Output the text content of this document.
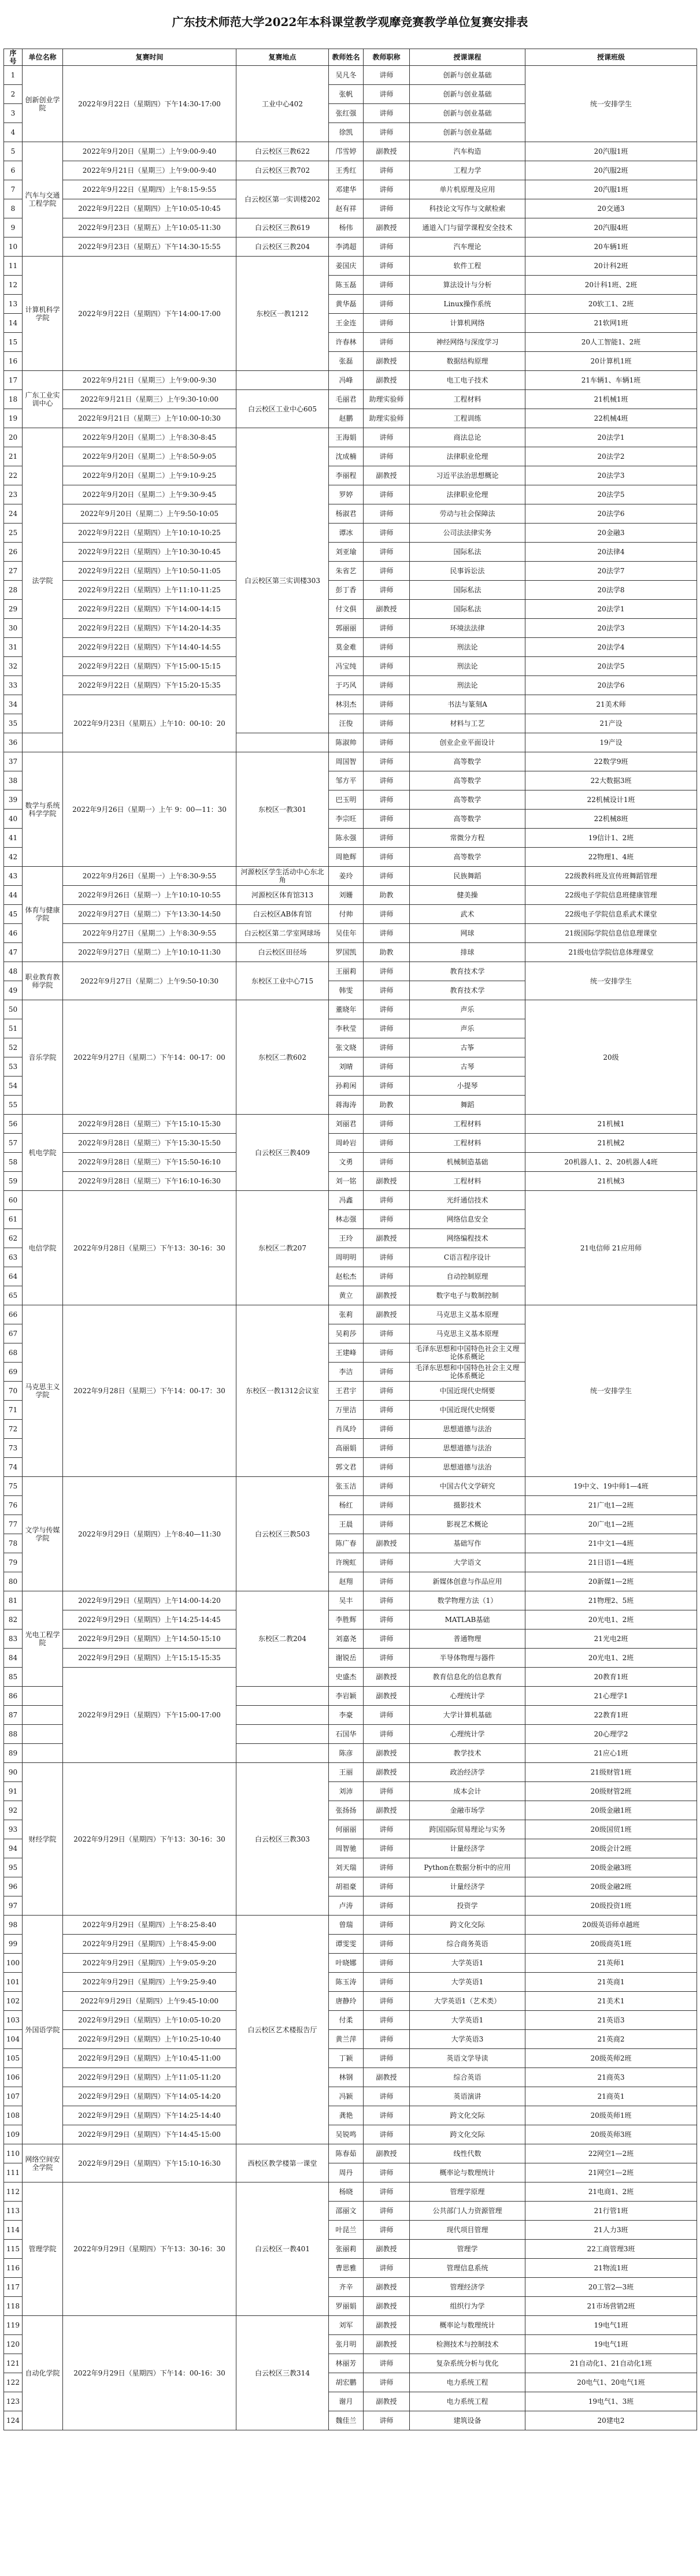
广东技术师范大学2022年本科课堂教学观摩竞赛教学单位复赛安排表
序号	单位名称	复赛时间	复赛地点	教师姓名	教师职称	授课课程	授课班级
1	创新创业学院	2022年9月22日（星期四）下午14:30-17:00	工业中心402	吴凡冬	讲师	创新与创业基础	统一安排学生
2				张帆	讲师	创新与创业基础	
3				张红强	讲师	创新与创业基础	
4				徐凯	讲师	创新与创业基础	
5	汽车与交通工程学院	2022年9月20日（星期二）上午9:00-9:40	白云校区三教622	邝雪婷	副教授	汽车构造	20汽服1班
6		2022年9月21日（星期三）上午9:00-9:40	白云校区三教702	王秀红	讲师	工程力学	20汽服2班
7		2022年9月22日（星期四）上午8:15-9:55	白云校区第一实训楼202	邓建华	讲师	单片机原理及应用	20汽服1班
8		2022年9月22日（星期四）上午10:05-10:45		赵有祥	讲师	科技论文写作与文献检索	20交通3
9		2022年9月23日（星期五）上午10:05-11:30	白云校区三教619	杨伟	副教授	通道入门与留学课程安全技术	20汽服4班
10		2022年9月23日（星期五）下午14:30-15:55	白云校区三教204	李鸿超	讲师	汽车理论	20车辆1班
11	计算机科学学院	2022年9月22日（星期四）下午14:00-17:00	东校区一教1212	姜国庆	讲师	软件工程	20计科2班
12				陈玉磊	讲师	算法设计与分析	20计科1班、2班
13				黄华磊	讲师	Linux操作系统	20软工1、2班
14				王金连	讲师	计算机网络	21软网1班
15				许春林	讲师	神经网络与深度学习	20人工智能1、2班
16				张磊	副教授	数据结构原理	20计算机1班
17	广东工业实训中心	2022年9月21日（星期三）上午9:00-9:30		冯峰	副教授	电工电子技术	21车辆1、车辆1班
18		2022年9月21日（星期三）上午9:30-10:00	白云校区工业中心605	毛丽君	助理实验师	工程材料	21机械1班
19		2022年9月21日（星期三）上午10:00-10:30		赵鹏	助理实验师	工程训练	22机械4班
20	法学院	2022年9月20日（星期二）上午8:30-8:45	白云校区第三实训楼303	王海娟	讲师	商法总论	20法学1
21		2022年9月20日（星期二）上午8:50-9:05		沈成楠	讲师	法律职业伦理	20法学2
22		2022年9月20日（星期二）上午9:10-9:25		李丽程	副教授	习近平法治思想概论	20法学3
23		2022年9月20日（星期二）上午9:30-9:45		罗婷	讲师	法律职业伦理	20法学5
24		2022年9月20日（星期二）上午9:50-10:05		杨淑君	讲师	劳动与社会保障法	20法学6
25		2022年9月22日（星期四）上午10:10-10:25		谭冰	讲师	公司法法律实务	20金融3
26		2022年9月22日（星期四）上午10:30-10:45		刘亚瑜	讲师	国际私法	20法律4
27		2022年9月22日（星期四）上午10:50-11:05		朱省艺	讲师	民事诉讼法	20法学7
28		2022年9月22日（星期四）上午11:10-11:25		彭丁香	讲师	国际私法	20法学8
29		2022年9月22日（星期四）下午14:00-14:15		付文俱	副教授	国际私法	20法学1
30		2022年9月22日（星期四）下午14:20-14:35		郭丽丽	讲师	环境法法律	20法学3
31		2022年9月22日（星期四）下午14:40-14:55		莫金难	讲师	刑法论	20法学4
32		2022年9月22日（星期四）下午15:00-15:15		冯宝纯	讲师	刑法论	20法学5
33		2022年9月22日（星期四）下午15:20-15:35		于巧风	讲师	刑法论	20法学6
34		2022年9月23日（星期五）上午10：00-10：20		林羽杰	讲师	书法与篆刻A	21美术师
35				汪俊	讲师	材料与工艺	21产设
36				陈淑帅	讲师	创业企业平面设计	19产设
37	数学与系统科学学院	2022年9月26日（星期一）上午 9：00—11：30	东校区一教301	周国智	讲师	高等数学	22数学9班
38				邹方平	讲师	高等数学	22大数据3班
39				巴玉明	讲师	高等数学	22机械设计1班
40				李宗旺	讲师	高等数学	22机械8班
41				陈永强	讲师	常微分方程	19信计1、2班
42				周艳辉	讲师	高等数学	22物理1、4班
43	体育与健康学院	2022年9月26日（星期一）上午8:30-9:55	河源校区学生活动中心东北角	姜玲	讲师	民族舞蹈	22级教科班及宣传班舞蹈管理
44		2022年9月26日（星期一）上午10:10-10:55	河源校区体育馆313	刘姗	助教	健美操	22级电子学院信息班健康管理
45		2022年9月27日（星期二）下午13:30-14:50	白云校区AB体育馆	付帅	讲师	武术	22级电子学院信息系武术课堂
46		2022年9月27日（星期二）上午8:30-9:55	白云校区第二学室网球场	吴佳年	讲师	网球	21级国际学院信息信息理课堂
47		2022年9月27日（星期二）上午10:10-11:30	白云校区田径场	罗国凯	助教	排球	21级电信学院信息体理课堂
48	职业教育教师学院	2022年9月27日（星期二）上午9:50-10:30	东校区工业中心715	王丽莉	讲师	教育技术学	统一安排学生
49				韩雯	讲师	教育技术学	
50	音乐学院	2022年9月27日（星期二）下午14：00-17：00	东校区二教602	董晓年	讲师	声乐	20级
51				李秋莹	讲师	声乐	
52				张文晓	讲师	古筝	
53				刘晴	讲师	古琴	
54				孙莉闲	讲师	小提琴	
55				蒋海涛	助教	舞蹈	
56	机电学院	2022年9月28日（星期三）下午15:10-15:30	白云校区三教409	刘丽君	讲师	工程材料	21机械1
57		2022年9月28日（星期三）下午15:30-15:50		周岭岩	讲师	工程材料	21机械2
58		2022年9月28日（星期三）下午15:50-16:10		文勇	讲师	机械制造基础	20机器人1、2、20机器人4班
59		2022年9月28日（星期三）下午16:10-16:30		刘一铭	副教授	工程材料	21机械3
60	电信学院	2022年9月28日（星期三）下午13：30-16：30	东校区二教207	冯鑫	讲师	光纤通信技术	21电信师 21应用师
61				林志强	讲师	网络信息安全	
62				王玲	副教授	网络编程技术	
63				周明明	讲师	C语言程序设计	
64				赵松杰	讲师	自动控制原理	
65				黄立	副教授	数字电子与数制控制	
66	马克思主义学院	2022年9月28日（星期三）下午14：00-17：30	东校区一教1312会议室	张莉	副教授	马克思主义基本原理	统一安排学生
67				吴莉莎	讲师	马克思主义基本原理	
68				王建峰	讲师	毛泽东思想和中国特色社会主义理论体系概论	
69				李洁	讲师	毛泽东思想和中国特色社会主义理论体系概论	
70				王君宇	讲师	中国近现代史纲要	
71				万里洁	讲师	中国近现代史纲要	
72				肖凤玲	讲师	思想道德与法治	
73				高丽娟	讲师	思想道德与法治	
74				郭文君	讲师	思想道德与法治	
75	文学与传媒学院	2022年9月29日（星期四）上午8:40—11:30	白云校区三教503	张玉洁	讲师	中国古代文学研究	19中文、19中师1—4班
76				杨红	讲师	摄影技术	21广电1—2班
77				王晨	讲师	影视艺术概论	20广电1—2班
78				陈广春	副教授	基础写作	21中文1—4班
79				许琬虹	讲师	大学语文	21日语1—4班
80				赵翔	讲师	新媒体创意与作品应用	20新媒1—2班
81	光电工程学院	2022年9月29日（星期四）上午14:00-14:20	东校区二教204	吴丰	讲师	数学物理方法（1）	21物理2、5班
82		2022年9月29日（星期四）上午14:25-14:45		李胜辉	讲师	MATLAB基础	20光电1、2班
83		2022年9月29日（星期四）上午14:50-15:10		刘嘉尧	讲师	普通物理	21光电2班
84		2022年9月29日（星期四）上午15:15-15:35		谢锐岳	讲师	半导体物理与器件	20光电1、2班
85		2022年9月29日（星期四）下午15:00-17:00		史盛杰	副教授	教育信息化的信息教育	20教育1班
86				李岩颖	副教授	心理统计学	21心理学1
87				李豪	讲师	大学计算机基础	22教育1班
88				石国华	讲师	心理统计学	20心理学2
89				陈彦	副教授	教学技术	21应心1班
90	财经学院	2022年9月29日（星期四）下午13：30-16：30	白云校区三教303	王丽	副教授	政治经济学	21级财管1班
91				刘沛	讲师	成本会计	20级财管2班
92				张扬扬	副教授	金融市场学	20级金融1班
93				何丽丽	讲师	跨国国际贸易理论与实务	20级国贸1班
94				周智驰	讲师	计量经济学	20级会计2班
95				刘天瑞	讲师	Python在数据分析中的应用	20级金融3班
96				胡祖豪	讲师	计量经济学	20级金融2班
97				卢涛	讲师	投资学	20级投资1班
98	外国语学院	2022年9月29日（星期四）上午8:25-8:40	白云校区艺术楼报告厅	曾瑞	讲师	跨文化交际	20级英语师卓越班
99		2022年9月29日（星期四）上午8:45-9:00		谭雯雯	讲师	综合商务英语	20级商英1班
100		2022年9月29日（星期四）上午9:05-9:20		叶晓娜	讲师	大学英语1	21英师1
101		2022年9月29日（星期四）上午9:25-9:40		陈玉涛	讲师	大学英语1	21英商1
102		2022年9月29日（星期四）上午9:45-10:00		唐静玲	讲师	大学英语1（艺术类）	21美术1
103		2022年9月29日（星期四）上午10:05-10:20		付柔	讲师	大学英语1	21英语3
104		2022年9月29日（星期四）上午10:25-10:40		黄兰萍	讲师	大学英语3	21英商2
105		2022年9月29日（星期四）上午10:45-11:00		丁颖	讲师	英语文学导读	20级英师2班
106		2022年9月29日（星期四）上午11:05-11:20		林钢	副教授	综合英语	21商英3
107		2022年9月29日（星期四）下午14:05-14:20		冯颖	讲师	英语演讲	21商英1
108		2022年9月29日（星期四）下午14:25-14:40		龚艳	讲师	跨文化交际	20级英师1班
109		2022年9月29日（星期四）下午14:45-15:00		吴锐鸣	讲师	跨文化交际	20级英师3班
110	网络空间安全学院	2022年9月29日（星期四）下午15:10-16:30	西校区教学楼第一课堂	陈春茹	副教授	线性代数	22网空1—2班
111				周丹	讲师	概率论与数理统计	21网空1—2班
112	管理学院	2022年9月29日（星期四）下午13：30-16：30	白云校区一教401	杨晓	讲师	管理学原理	21电商1、2班
113				邵丽文	讲师	公共部门人力资源管理	21行管1班
114				叶昆兰	讲师	现代项目管理	21人力3班
115				张丽莉	副教授	管理学	22工商管理3班
116				曹思雅	讲师	管理信息系统	21物流1班
117				齐辛	副教授	管理经济学	20工管2—3班
118				罗丽娟	副教授	组织行为学	21市场营销2班
119	自动化学院	2022年9月29日（星期四）下午14：00-16：30	白云校区三教314	刘军	副教授	概率论与数理统计	19电气1班
120				张月明	副教授	检测技术与控制技术	19电气1班
121				林丽芳	讲师	复杂系统分析与优化	21自动化1、21自动化1班
122				胡宏鹏	讲师	电力系统工程	20电气1、20电气1班
123				谢月	副教授	电力系统工程	19电气1、3班
124				魏佳兰	讲师	建筑设备	20建电2
